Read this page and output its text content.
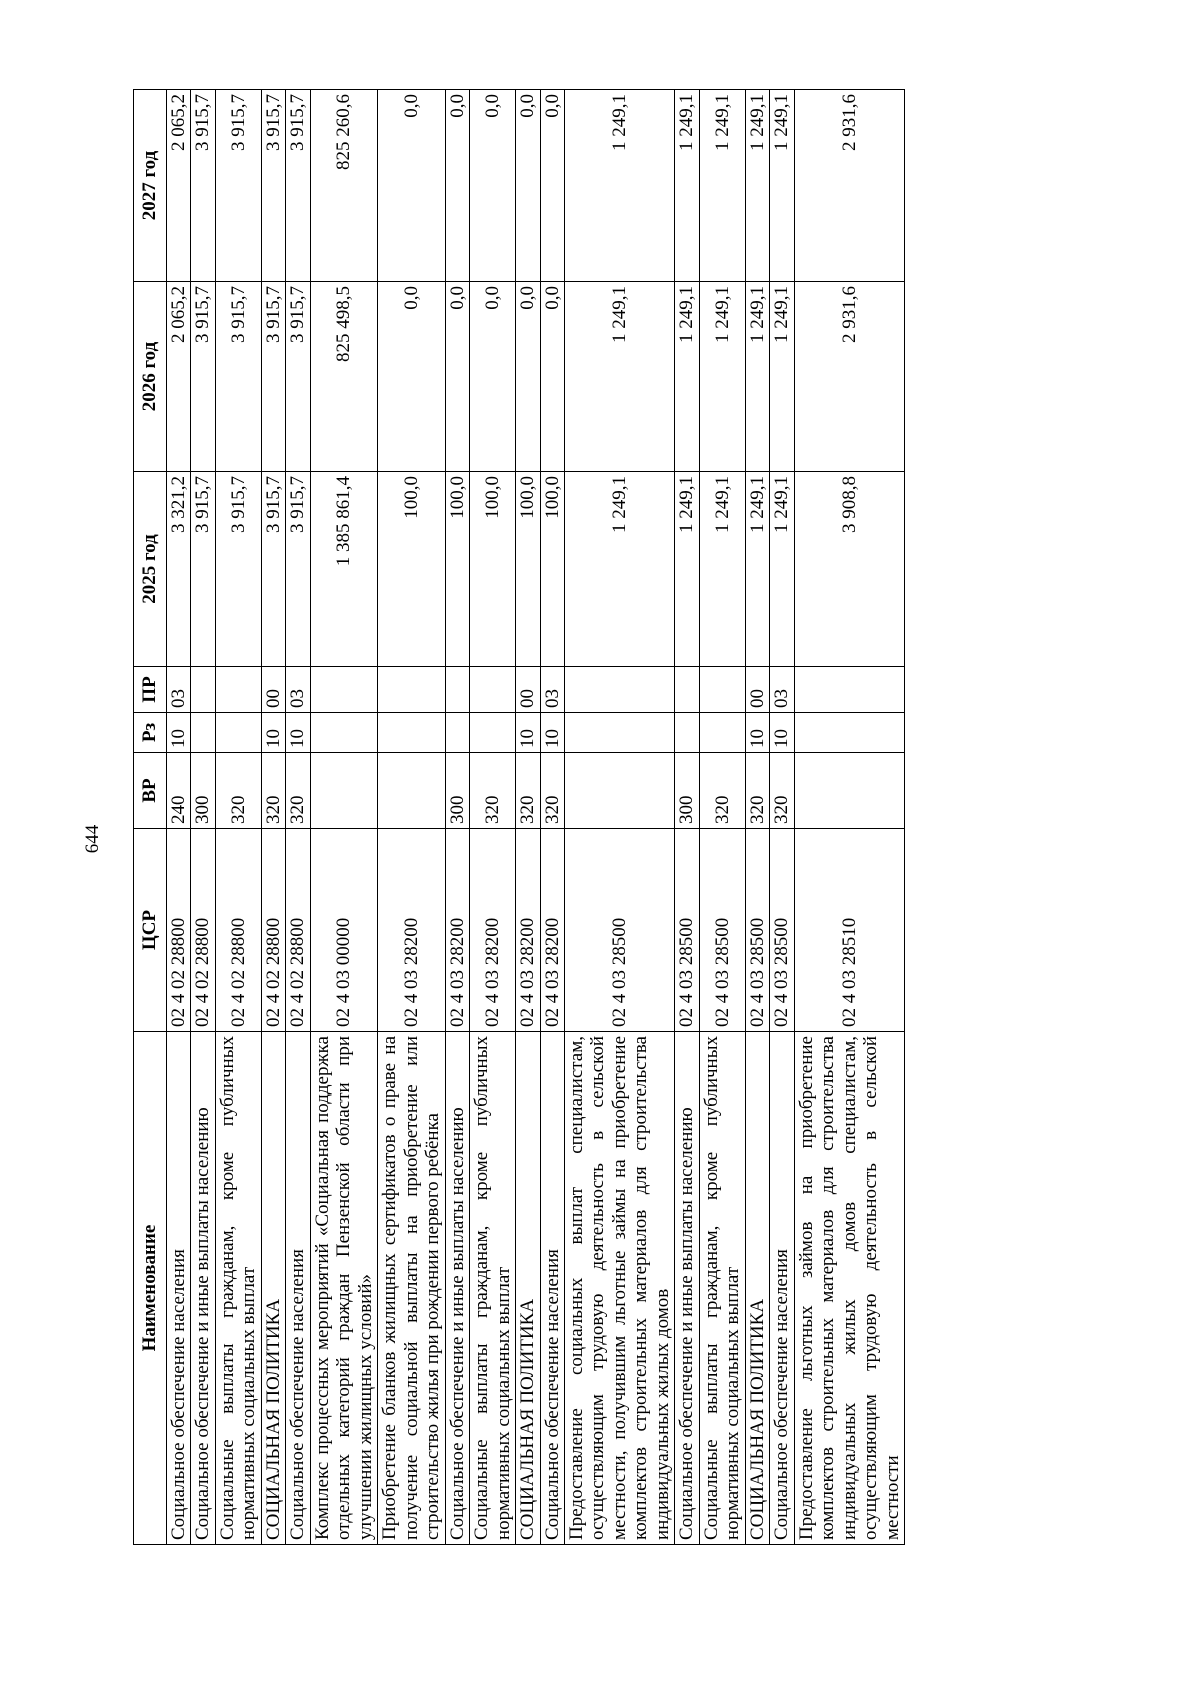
644
Наименование	ЦСР	ВР	Рз	ПР	2025 год	2026 год	2027 год
Социальное обеспечение населения	02 4 02 28800	240	10	03	3 321,2	2 065,2	2 065,2
Социальное обеспечение и иные выплаты населению	02 4 02 28800	300			3 915,7	3 915,7	3 915,7
Социальные выплаты гражданам, кроме публичных нормативных социальных выплат	02 4 02 28800	320			3 915,7	3 915,7	3 915,7
СОЦИАЛЬНАЯ ПОЛИТИКА	02 4 02 28800	320	10	00	3 915,7	3 915,7	3 915,7
Социальное обеспечение населения	02 4 02 28800	320	10	03	3 915,7	3 915,7	3 915,7
Комплекс процессных мероприятий «Социальная поддержка отдельных категорий граждан Пензенской области при улучшении жилищных условий»	02 4 03 00000				1 385 861,4	825 498,5	825 260,6
Приобретение бланков жилищных сертификатов о праве на получение социальной выплаты на приобретение или строительство жилья при рождении первого ребёнка	02 4 03 28200				100,0	0,0	0,0
Социальное обеспечение и иные выплаты населению	02 4 03 28200	300			100,0	0,0	0,0
Социальные выплаты гражданам, кроме публичных нормативных социальных выплат	02 4 03 28200	320			100,0	0,0	0,0
СОЦИАЛЬНАЯ ПОЛИТИКА	02 4 03 28200	320	10	00	100,0	0,0	0,0
Социальное обеспечение населения	02 4 03 28200	320	10	03	100,0	0,0	0,0
Предоставление социальных выплат специалистам, осуществляющим трудовую деятельность в сельской местности, получившим льготные займы на приобретение комплектов строительных материалов для строительства индивидуальных жилых домов	02 4 03 28500				1 249,1	1 249,1	1 249,1
Социальное обеспечение и иные выплаты населению	02 4 03 28500	300			1 249,1	1 249,1	1 249,1
Социальные выплаты гражданам, кроме публичных нормативных социальных выплат	02 4 03 28500	320			1 249,1	1 249,1	1 249,1
СОЦИАЛЬНАЯ ПОЛИТИКА	02 4 03 28500	320	10	00	1 249,1	1 249,1	1 249,1
Социальное обеспечение населения	02 4 03 28500	320	10	03	1 249,1	1 249,1	1 249,1
Предоставление льготных займов на приобретение комплектов строительных материалов для строительства индивидуальных жилых домов специалистам, осуществляющим трудовую деятельность в сельской местности	02 4 03 28510				3 908,8	2 931,6	2 931,6
